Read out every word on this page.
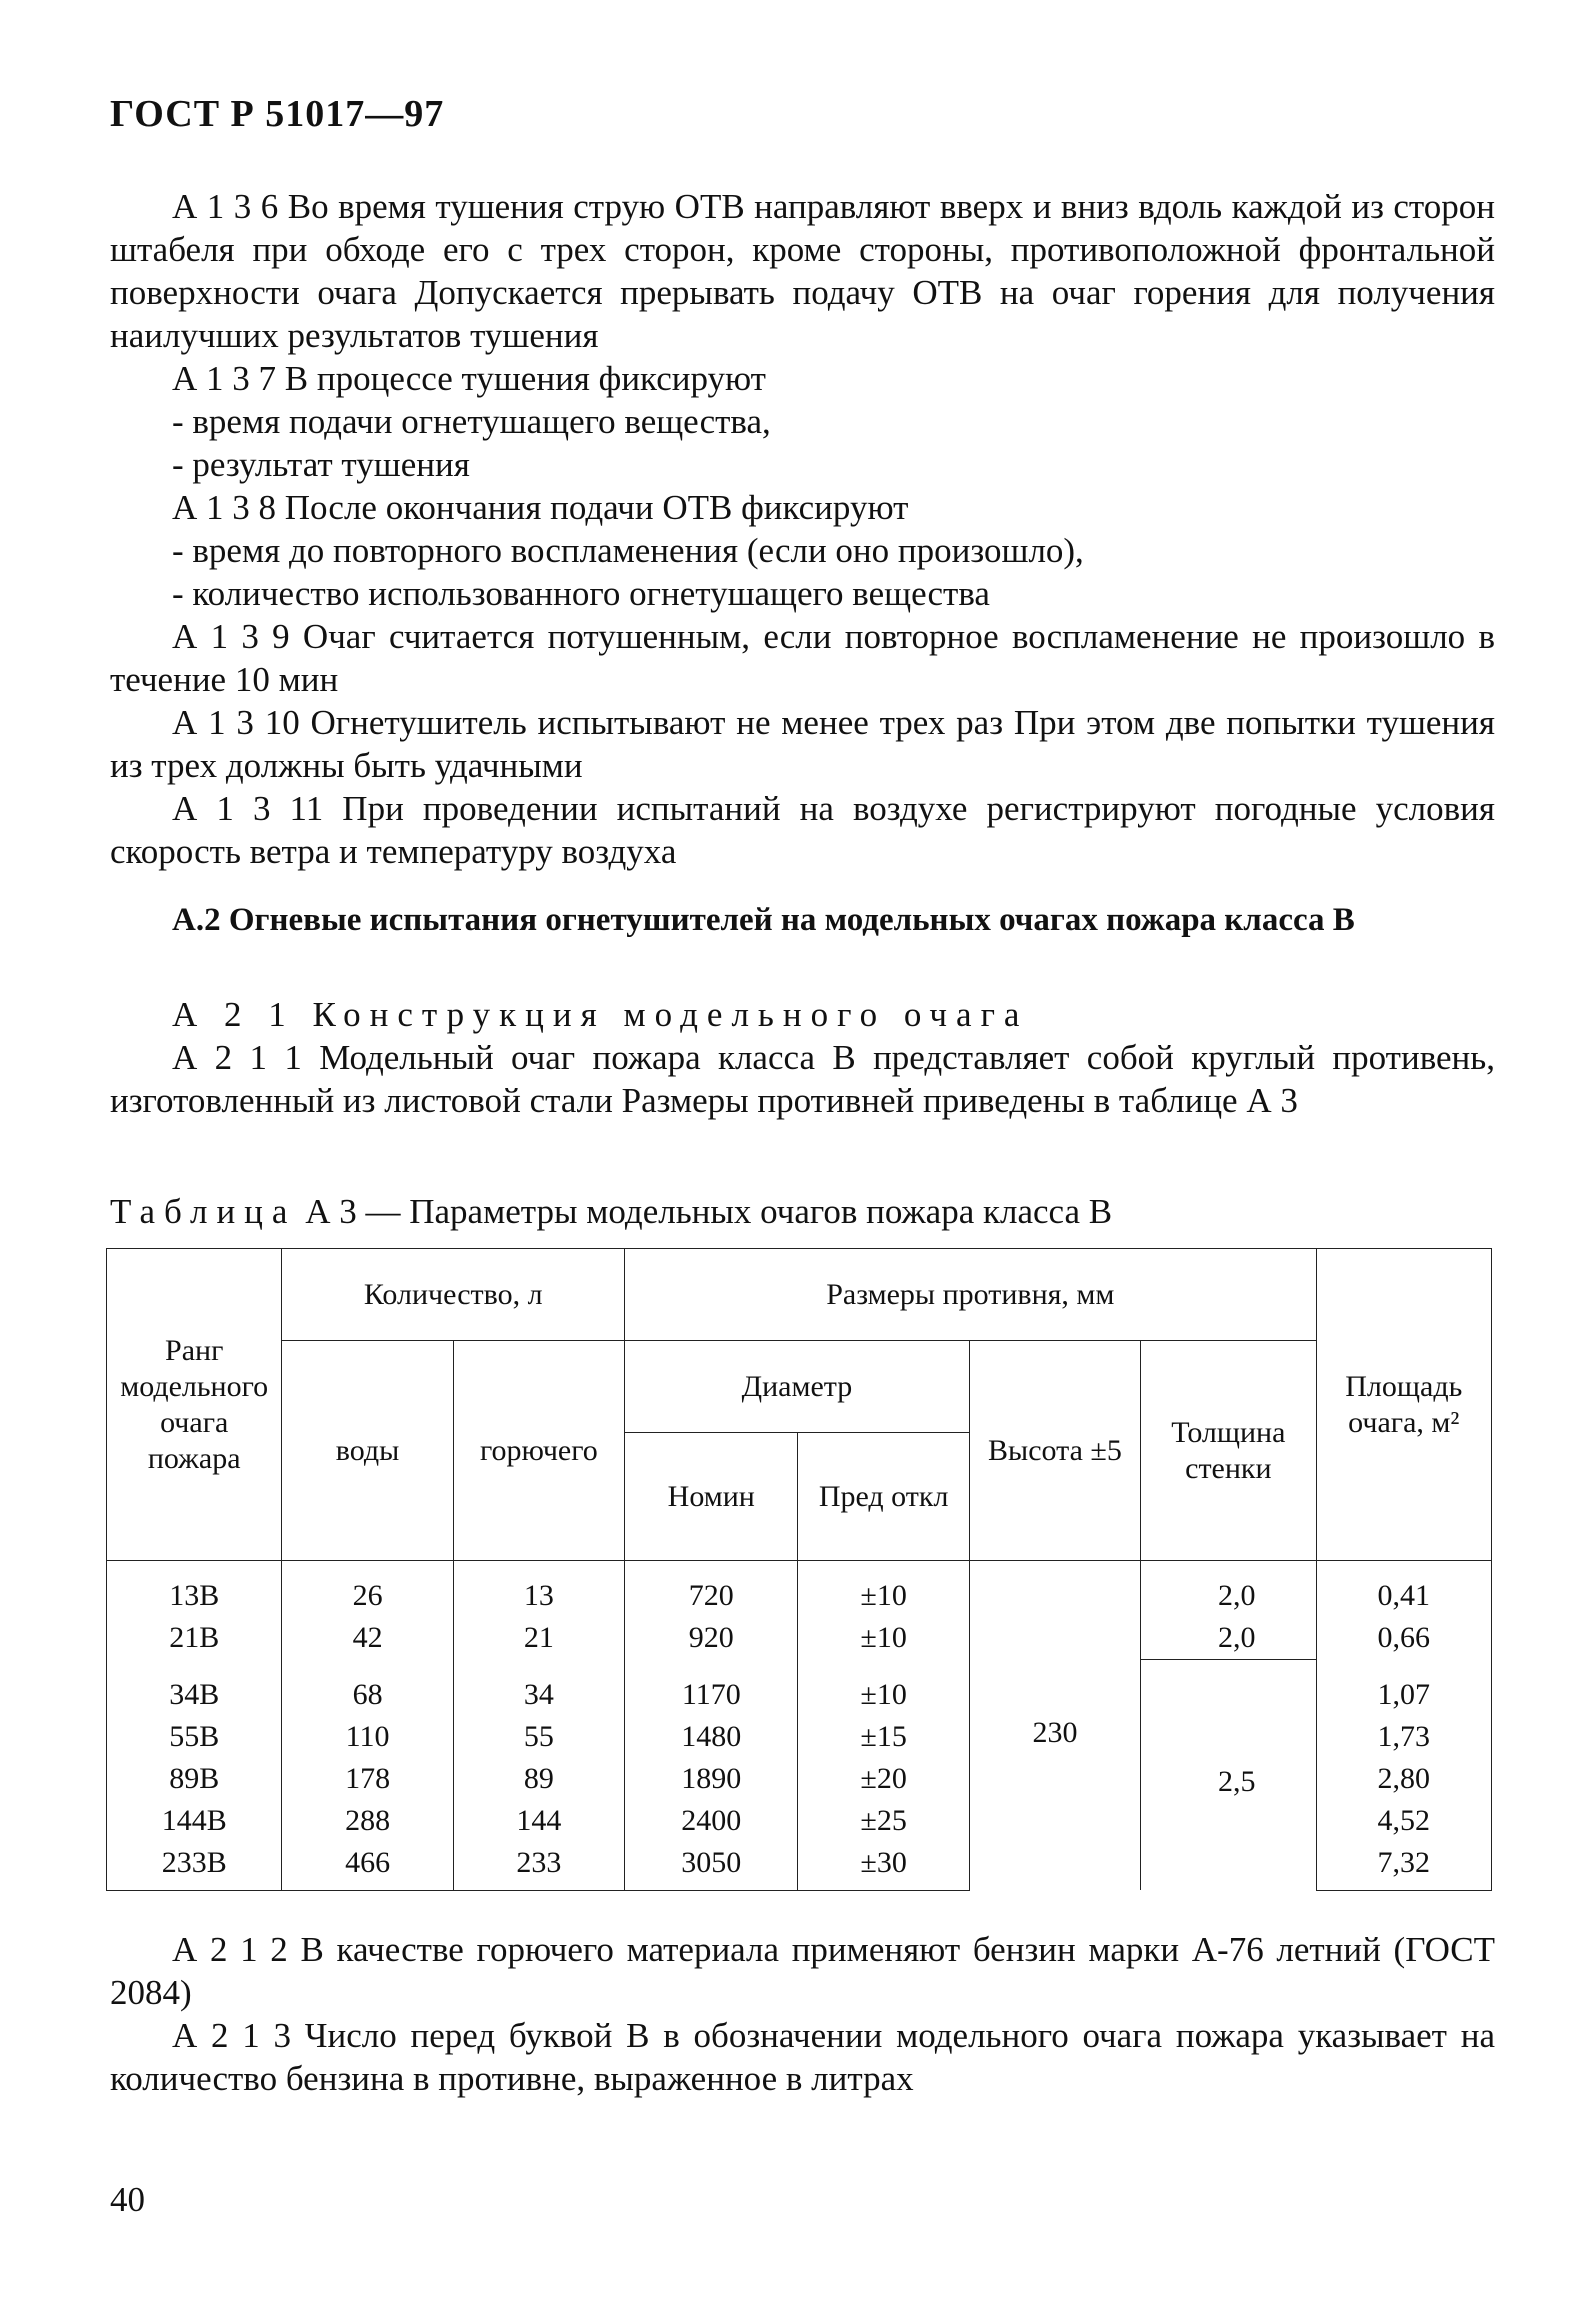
ГОСТ Р 51017—97
А 1 3 6 Во время тушения струю ОТВ направляют вверх и вниз вдоль каждой из сторон штабеля при обходе его с трех сторон, кроме стороны, противоположной фронтальной поверхности очага Допускается прерывать подачу ОТВ на очаг горения для получения наилучших результатов тушения
А 1 3 7 В процессе тушения фиксируют
- время подачи огнетушащего вещества,
- результат тушения
А 1 3 8 После окончания подачи ОТВ фиксируют
- время до повторного воспламенения (если оно произошло),
- количество использованного огнетушащего вещества
А 1 3 9 Очаг считается потушенным, если повторное воспламенение не произошло в течение 10 мин
А 1 3 10 Огнетушитель испытывают не менее трех раз При этом две попытки тушения из трех должны быть удачными
А 1 3 11 При проведении испытаний на воздухе регистрируют погодные условия скорость ветра и температуру воздуха
А.2 Огневые испытания огнетушителей на модельных очагах пожара класса В
А 2 1 Конструкция модельного очага
А 2 1 1 Модельный очаг пожара класса В представляет собой круглый противень, изготовленный из листовой стали Размеры противней приведены в таблице А 3
Таблица А 3 — Параметры модельных очагов пожара класса В
Ранг модельного очага пожара	Количество, л		Размеры противня, мм				Площадь очага, м²
	воды	горючего	Диаметр		Высота ±5	Толщина стенки	
			Номин	Пред откл			
13В	26	13	720	±10	230	2,0	0,41
21В	42	21	920	±10		2,0	0,66
34В	68	34	1170	±10		2,5	1,07
55В	110	55	1480	±15			1,73
89В	178	89	1890	±20			2,80
144В	288	144	2400	±25			4,52
233В	466	233	3050	±30			7,32
А 2 1 2 В качестве горючего материала применяют бензин марки А-76 летний (ГОСТ 2084)
А 2 1 3 Число перед буквой В в обозначении модельного очага пожара указывает на количество бензина в противне, выраженное в литрах
40
